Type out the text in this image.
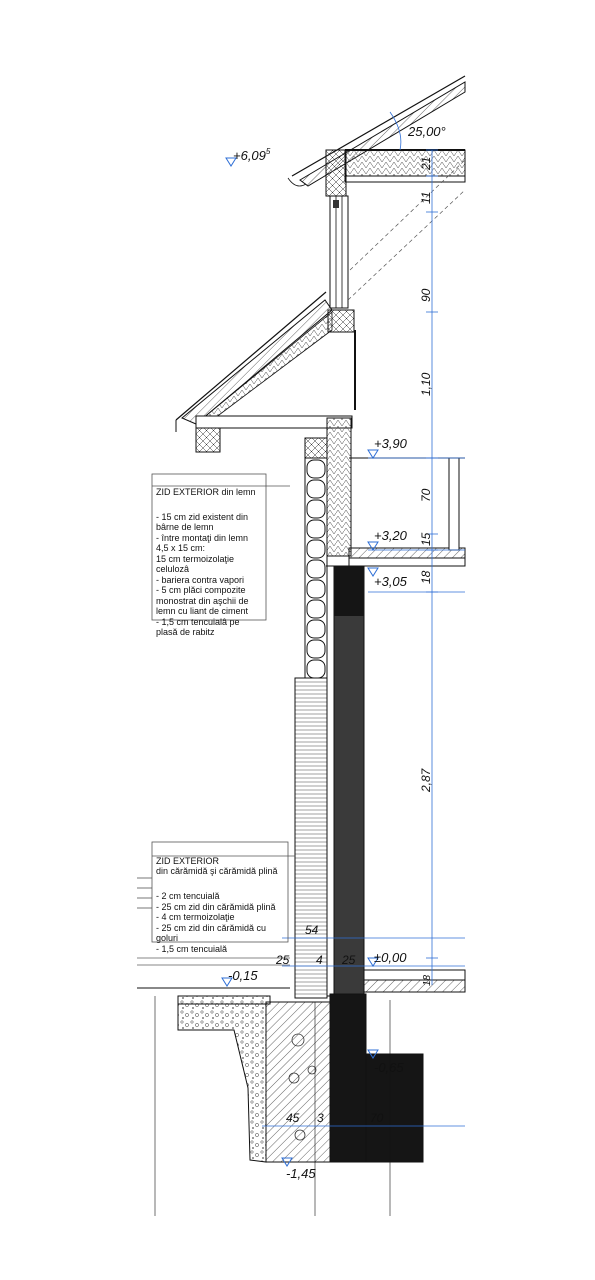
$+6,09^5$
25,00°
+3,90
+3,20
+3,05
±0,00
-0,15
-0,65
-1,45
21
11
90
1,10
70
15
18
2,87
18
54
25 4 25
45 3	70

ZID EXTERIOR din lemn

- 15 cm zid existent din
bârne de lemn
- între montaţi din lemn
4,5 x 15 cm:
15 cm termoizolaţie
celulozâ
- bariera contra vapori
- 5 cm plăci compozite
monostrat din aşchii de
lemn cu liant de ciment
- 1,5 cm tencuialâ pe
plasă de rabitz

ZID EXTERIOR
din cărămidă şi cărămidă plină

- 2 cm tencuială
- 25 cm zid din cărămidă plină
- 4 cm termoizolaţie
- 25 cm zid din cărămidă cu
goluri
- 1,5 cm tencuială
